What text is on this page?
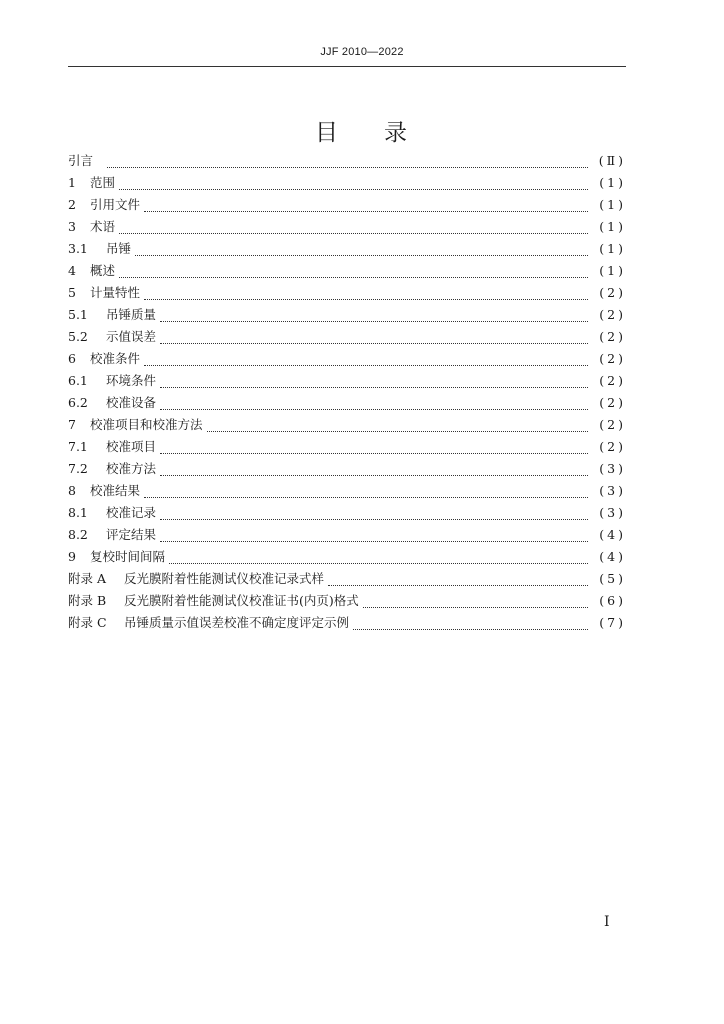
JJF 2010—2022
目 录
引言	(Ⅱ)
1	范围	(1)
2	引用文件	(1)
3	术语	(1)
3.1	吊锤	(1)
4	概述	(1)
5	计量特性	(2)
5.1	吊锤质量	(2)
5.2	示值误差	(2)
6	校准条件	(2)
6.1	环境条件	(2)
6.2	校准设备	(2)
7	校准项目和校准方法	(2)
7.1	校准项目	(2)
7.2	校准方法	(3)
8	校准结果	(3)
8.1	校准记录	(3)
8.2	评定结果	(4)
9	复校时间间隔	(4)
附录 A	反光膜附着性能测试仪校准记录式样	(5)
附录 B	反光膜附着性能测试仪校准证书(内页)格式	(6)
附录 C	吊锤质量示值误差校准不确定度评定示例	(7)
I
